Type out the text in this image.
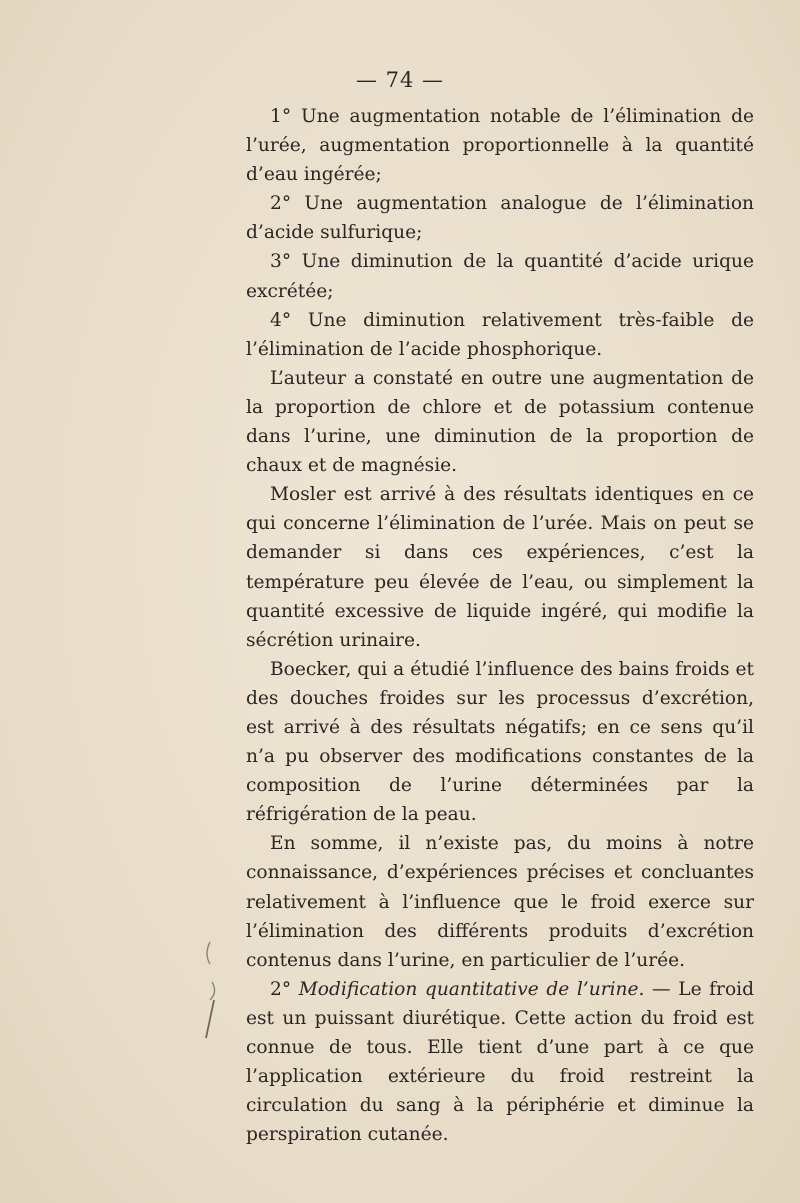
— 74 —

1° Une augmentation notable de l’élimination de l’urée, augmentation proportionnelle à la quantité d’eau ingérée;

2° Une augmentation analogue de l’élimination d’acide sulfurique;

3° Une diminution de la quantité d’acide urique excrétée;

4° Une diminution relativement très-faible de l’élimination de l’acide phosphorique.

L’auteur a constaté en outre une augmentation de la proportion de chlore et de potassium contenue dans l’urine, une diminution de la proportion de chaux et de magnésie.

Mosler est arrivé à des résultats identiques en ce qui concerne l’élimination de l’urée. Mais on peut se demander si dans ces expériences, c’est la température peu élevée de l’eau, ou simplement la quantité excessive de liquide ingéré, qui modifie la sécrétion urinaire.

Boecker, qui a étudié l’influence des bains froids et des douches froides sur les processus d’excrétion, est arrivé à des résultats négatifs; en ce sens qu’il n’a pu observer des modifications constantes de la composition de l’urine déterminées par la réfrigération de la peau.

En somme, il n’existe pas, du moins à notre connaissance, d’expériences précises et concluantes relativement à l’influence que le froid exerce sur l’élimination des différents produits d’excrétion contenus dans l’urine, en particulier de l’urée.

2° Modification quantitative de l’urine. — Le froid est un puissant diurétique. Cette action du froid est connue de tous. Elle tient d’une part à ce que l’application extérieure du froid restreint la circulation du sang à la périphérie et diminue la perspiration cutanée.
